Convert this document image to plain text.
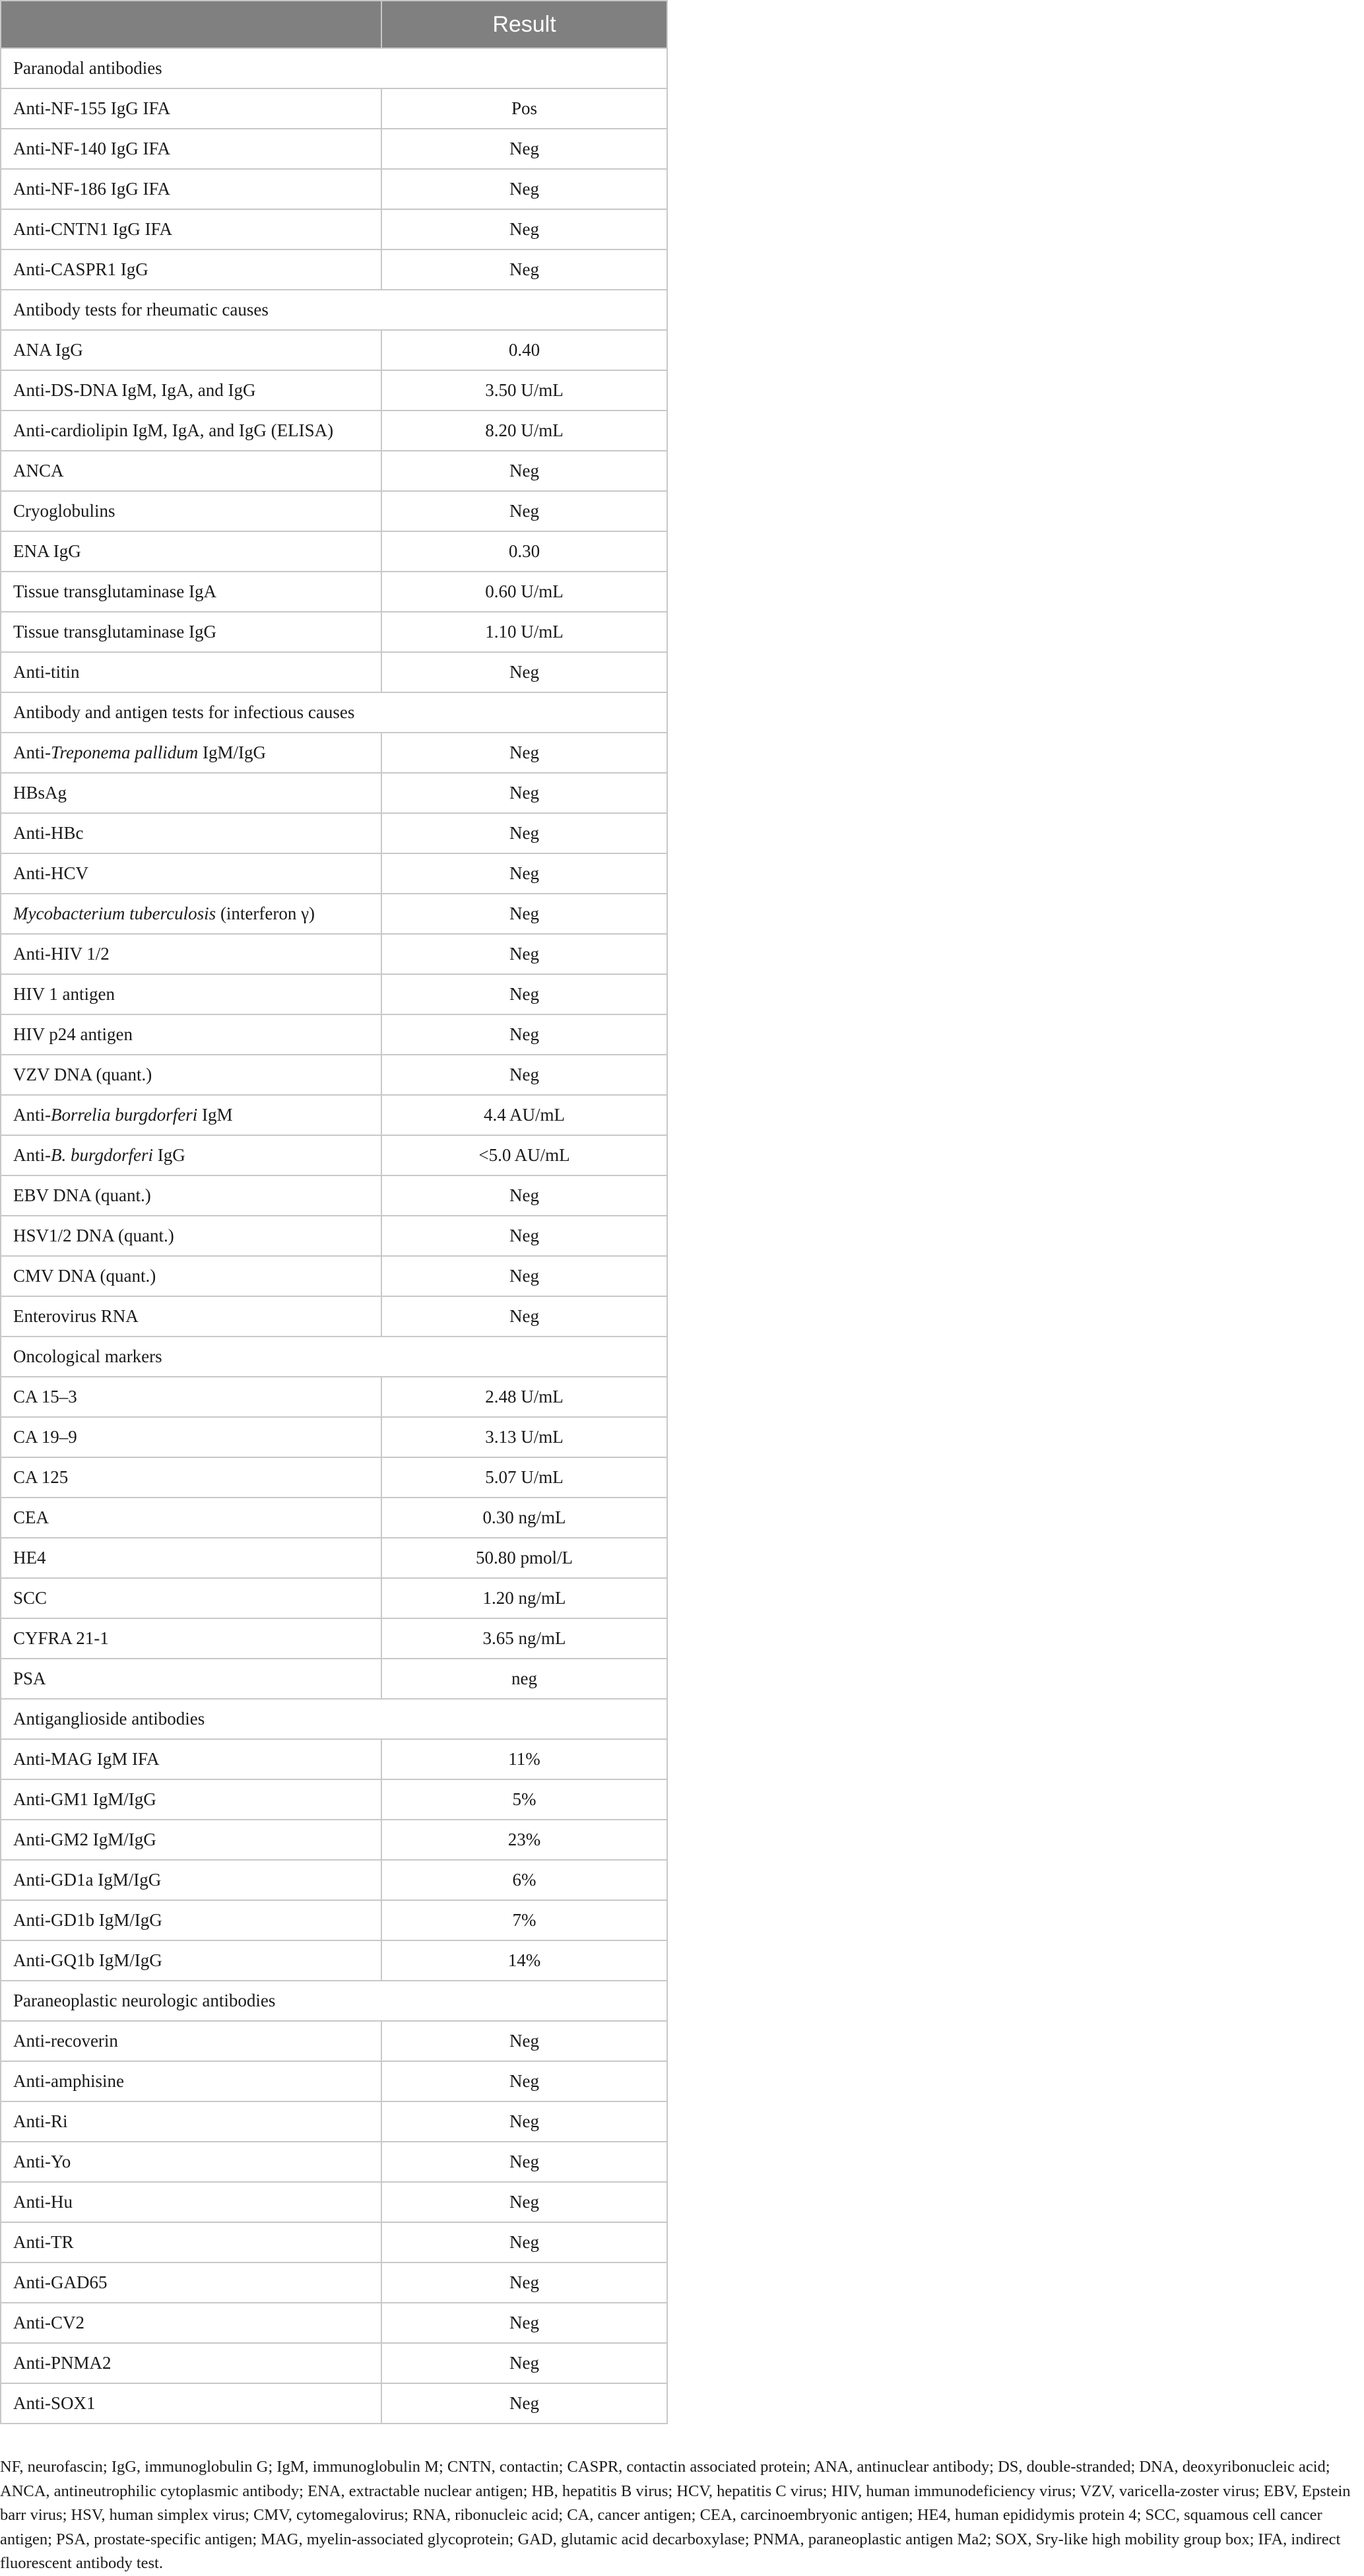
	Result
Paranodal antibodies	
Anti-NF-155 IgG IFA	Pos
Anti-NF-140 IgG IFA	Neg
Anti-NF-186 IgG IFA	Neg
Anti-CNTN1 IgG IFA	Neg
Anti-CASPR1 IgG	Neg
Antibody tests for rheumatic causes	
ANA IgG	0.40
Anti-DS-DNA IgM, IgA, and IgG	3.50 U/mL
Anti-cardiolipin IgM, IgA, and IgG (ELISA)	8.20 U/mL
ANCA	Neg
Cryoglobulins	Neg
ENA IgG	0.30
Tissue transglutaminase IgA	0.60 U/mL
Tissue transglutaminase IgG	1.10 U/mL
Anti-titin	Neg
Antibody and antigen tests for infectious causes	
Anti-Treponema pallidum IgM/IgG	Neg
HBsAg	Neg
Anti-HBc	Neg
Anti-HCV	Neg
Mycobacterium tuberculosis (interferon γ)	Neg
Anti-HIV 1/2	Neg
HIV 1 antigen	Neg
HIV p24 antigen	Neg
VZV DNA (quant.)	Neg
Anti-Borrelia burgdorferi IgM	4.4 AU/mL
Anti-B. burgdorferi IgG	<5.0 AU/mL
EBV DNA (quant.)	Neg
HSV1/2 DNA (quant.)	Neg
CMV DNA (quant.)	Neg
Enterovirus RNA	Neg
Oncological markers	
CA 15–3	2.48 U/mL
CA 19–9	3.13 U/mL
CA 125	5.07 U/mL
CEA	0.30 ng/mL
HE4	50.80 pmol/L
SCC	1.20 ng/mL
CYFRA 21-1	3.65 ng/mL
PSA	neg
Antiganglioside antibodies	
Anti-MAG IgM IFA	11%
Anti-GM1 IgM/IgG	5%
Anti-GM2 IgM/IgG	23%
Anti-GD1a IgM/IgG	6%
Anti-GD1b IgM/IgG	7%
Anti-GQ1b IgM/IgG	14%
Paraneoplastic neurologic antibodies	
Anti-recoverin	Neg
Anti-amphisine	Neg
Anti-Ri	Neg
Anti-Yo	Neg
Anti-Hu	Neg
Anti-TR	Neg
Anti-GAD65	Neg
Anti-CV2	Neg
Anti-PNMA2	Neg
Anti-SOX1	Neg

NF, neurofascin; IgG, immunoglobulin G; IgM, immunoglobulin M; CNTN, contactin; CASPR, contactin associated protein; ANA, antinuclear antibody; DS, double-stranded; DNA, deoxyribonucleic acid; ANCA, antineutrophilic cytoplasmic antibody; ENA, extractable nuclear antigen; HB, hepatitis B virus; HCV, hepatitis C virus; HIV, human immunodeficiency virus; VZV, varicella-zoster virus; EBV, Epstein barr virus; HSV, human simplex virus; CMV, cytomegalovirus; RNA, ribonucleic acid; CA, cancer antigen; CEA, carcinoembryonic antigen; HE4, human epididymis protein 4; SCC, squamous cell cancer antigen; PSA, prostate-specific antigen; MAG, myelin-associated glycoprotein; GAD, glutamic acid decarboxylase; PNMA, paraneoplastic antigen Ma2; SOX, Sry-like high mobility group box; IFA, indirect fluorescent antibody test.
